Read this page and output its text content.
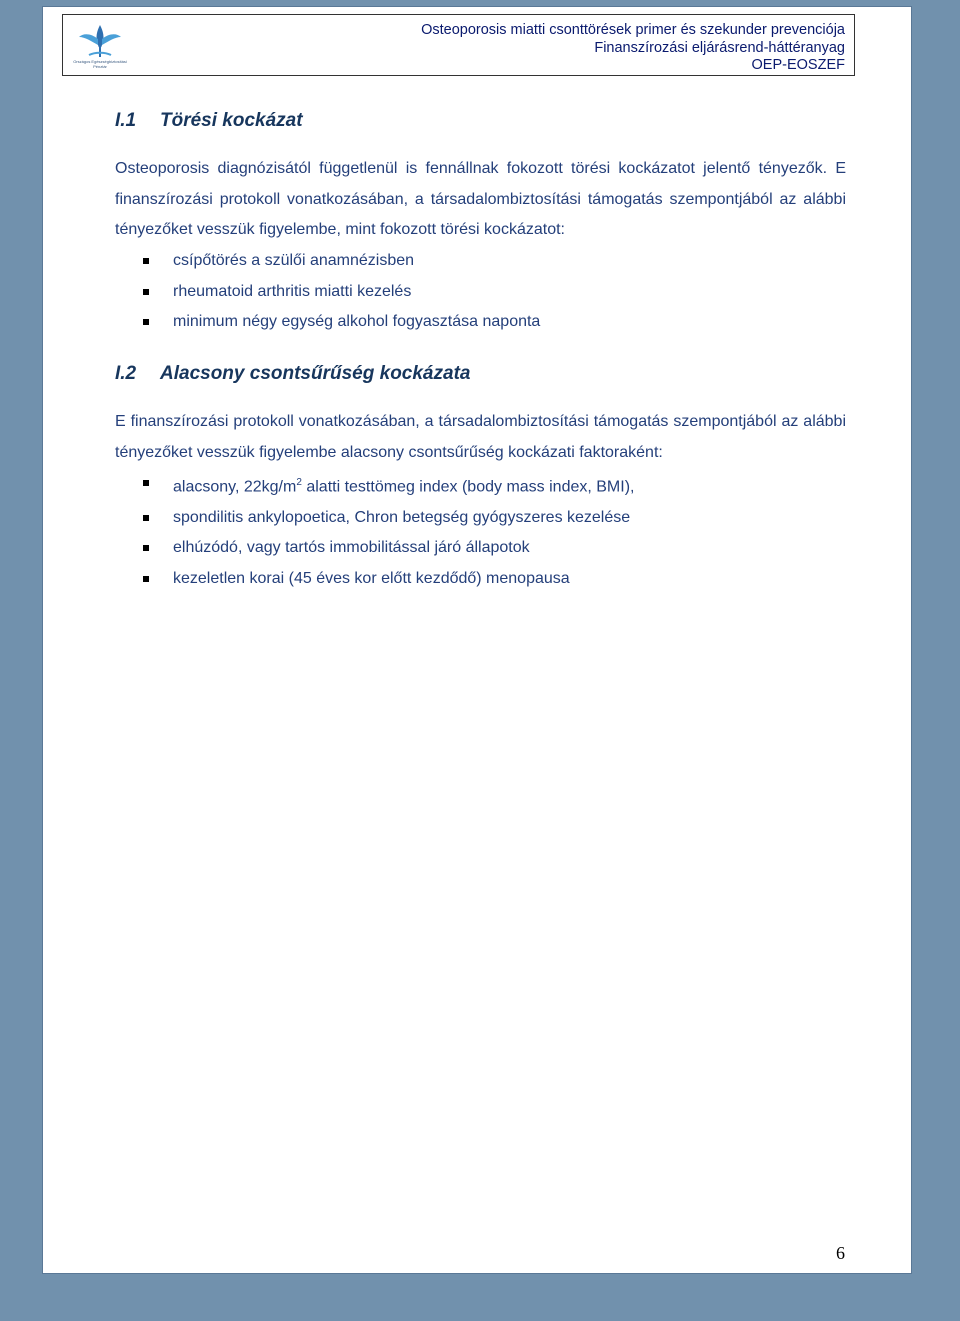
Országos Egészségbiztosítási Pénztár
Osteoporosis miatti csonttörések primer és szekunder prevenciója
Finanszírozási eljárásrend-háttéranyag
OEP-EOSZEF
I.1 Törési kockázat

Osteoporosis diagnózisától függetlenül is fennállnak fokozott törési kockázatot jelentő tényezők. E finanszírozási protokoll vonatkozásában, a társadalombiztosítási támogatás szempontjából az alábbi tényezőket vesszük figyelembe, mint fokozott törési kockázatot:

csípőtörés a szülői anamnézisben
rheumatoid arthritis miatti kezelés
minimum négy egység alkohol fogyasztása naponta
I.2 Alacsony csontsűrűség kockázata

E finanszírozási protokoll vonatkozásában, a társadalombiztosítási támogatás szempontjából az alábbi tényezőket vesszük figyelembe alacsony csontsűrűség kockázati faktoraként:

alacsony, $22kg/m^2$ alatti testtömeg index (body mass index, BMI),
spondilitis ankylopoetica, Chron betegség gyógyszeres kezelése
elhúzódó, vagy tartós immobilitással járó állapotok
kezeletlen korai (45 éves kor előtt kezdődő) menopausa
6
